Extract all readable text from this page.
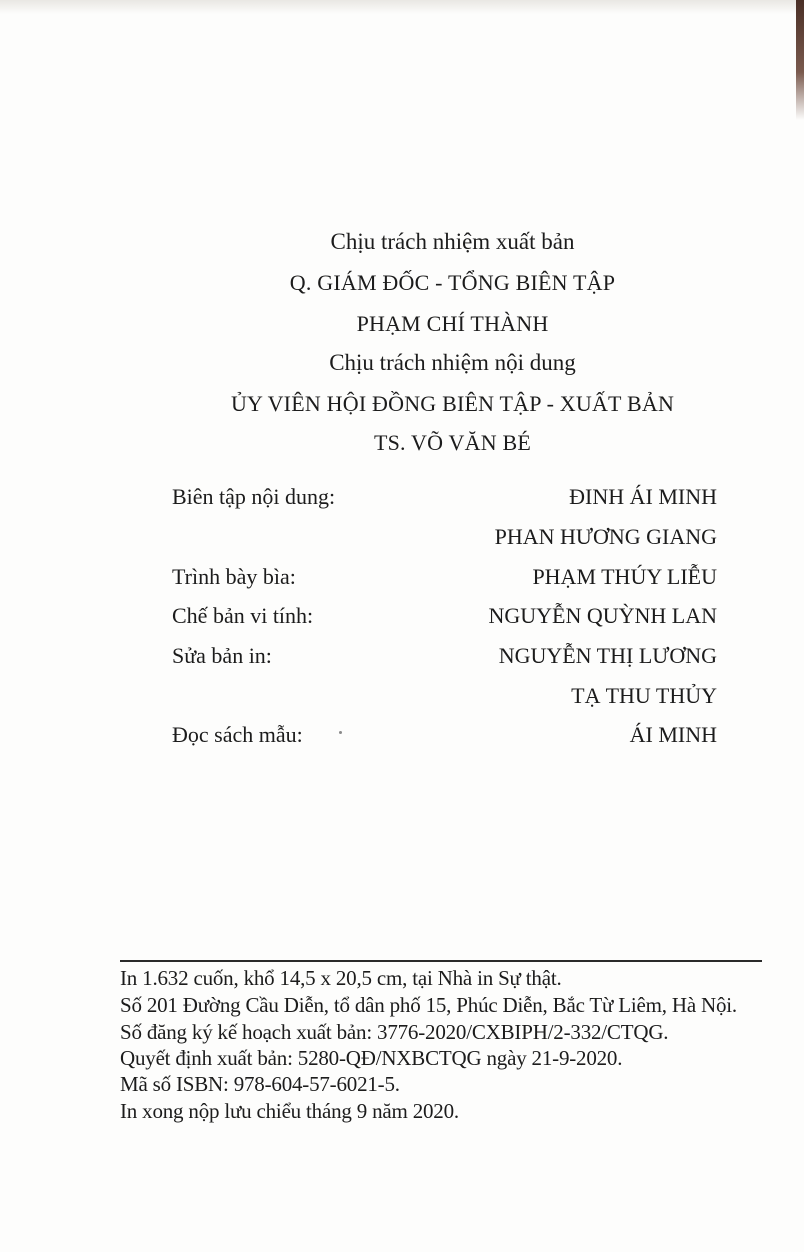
Chịu trách nhiệm xuất bản
Q. GIÁM ĐỐC - TỔNG BIÊN TẬP
PHẠM CHÍ THÀNH
Chịu trách nhiệm nội dung
ỦY VIÊN HỘI ĐỒNG BIÊN TẬP - XUẤT BẢN
TS. VÕ VĂN BÉ
Biên tập nội dung:	ĐINH ÁI MINH
PHAN HƯƠNG GIANG
Trình bày bìa:	PHẠM THÚY LIỄU
Chế bản vi tính:	NGUYỄN QUỲNH LAN
Sửa bản in:	NGUYỄN THỊ LƯƠNG
TẠ THU THỦY
Đọc sách mẫu:	ÁI MINH
In 1.632 cuốn, khổ 14,5 x 20,5 cm, tại Nhà in Sự thật.
Số 201 Đường Cầu Diễn, tổ dân phố 15, Phúc Diễn, Bắc Từ Liêm, Hà Nội.
Số đăng ký kế hoạch xuất bản: 3776-2020/CXBIPH/2-332/CTQG.
Quyết định xuất bản: 5280-QĐ/NXBCTQG ngày 21-9-2020.
Mã số ISBN: 978-604-57-6021-5.
In xong nộp lưu chiểu tháng 9 năm 2020.
